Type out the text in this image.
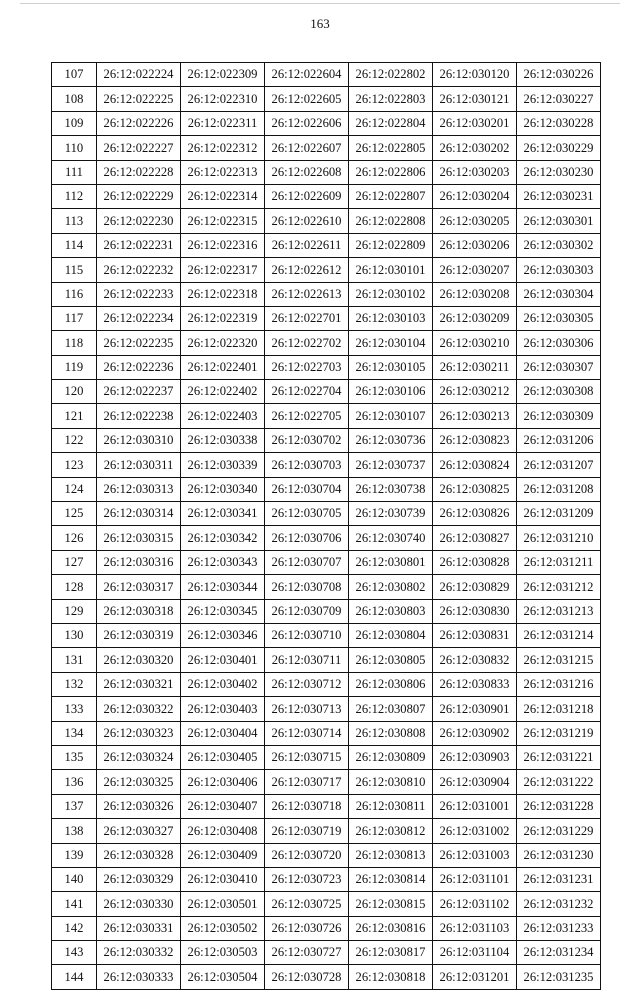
163
107	26:12:022224	26:12:022309	26:12:022604	26:12:022802	26:12:030120	26:12:030226
108	26:12:022225	26:12:022310	26:12:022605	26:12:022803	26:12:030121	26:12:030227
109	26:12:022226	26:12:022311	26:12:022606	26:12:022804	26:12:030201	26:12:030228
110	26:12:022227	26:12:022312	26:12:022607	26:12:022805	26:12:030202	26:12:030229
111	26:12:022228	26:12:022313	26:12:022608	26:12:022806	26:12:030203	26:12:030230
112	26:12:022229	26:12:022314	26:12:022609	26:12:022807	26:12:030204	26:12:030231
113	26:12:022230	26:12:022315	26:12:022610	26:12:022808	26:12:030205	26:12:030301
114	26:12:022231	26:12:022316	26:12:022611	26:12:022809	26:12:030206	26:12:030302
115	26:12:022232	26:12:022317	26:12:022612	26:12:030101	26:12:030207	26:12:030303
116	26:12:022233	26:12:022318	26:12:022613	26:12:030102	26:12:030208	26:12:030304
117	26:12:022234	26:12:022319	26:12:022701	26:12:030103	26:12:030209	26:12:030305
118	26:12:022235	26:12:022320	26:12:022702	26:12:030104	26:12:030210	26:12:030306
119	26:12:022236	26:12:022401	26:12:022703	26:12:030105	26:12:030211	26:12:030307
120	26:12:022237	26:12:022402	26:12:022704	26:12:030106	26:12:030212	26:12:030308
121	26:12:022238	26:12:022403	26:12:022705	26:12:030107	26:12:030213	26:12:030309
122	26:12:030310	26:12:030338	26:12:030702	26:12:030736	26:12:030823	26:12:031206
123	26:12:030311	26:12:030339	26:12:030703	26:12:030737	26:12:030824	26:12:031207
124	26:12:030313	26:12:030340	26:12:030704	26:12:030738	26:12:030825	26:12:031208
125	26:12:030314	26:12:030341	26:12:030705	26:12:030739	26:12:030826	26:12:031209
126	26:12:030315	26:12:030342	26:12:030706	26:12:030740	26:12:030827	26:12:031210
127	26:12:030316	26:12:030343	26:12:030707	26:12:030801	26:12:030828	26:12:031211
128	26:12:030317	26:12:030344	26:12:030708	26:12:030802	26:12:030829	26:12:031212
129	26:12:030318	26:12:030345	26:12:030709	26:12:030803	26:12:030830	26:12:031213
130	26:12:030319	26:12:030346	26:12:030710	26:12:030804	26:12:030831	26:12:031214
131	26:12:030320	26:12:030401	26:12:030711	26:12:030805	26:12:030832	26:12:031215
132	26:12:030321	26:12:030402	26:12:030712	26:12:030806	26:12:030833	26:12:031216
133	26:12:030322	26:12:030403	26:12:030713	26:12:030807	26:12:030901	26:12:031218
134	26:12:030323	26:12:030404	26:12:030714	26:12:030808	26:12:030902	26:12:031219
135	26:12:030324	26:12:030405	26:12:030715	26:12:030809	26:12:030903	26:12:031221
136	26:12:030325	26:12:030406	26:12:030717	26:12:030810	26:12:030904	26:12:031222
137	26:12:030326	26:12:030407	26:12:030718	26:12:030811	26:12:031001	26:12:031228
138	26:12:030327	26:12:030408	26:12:030719	26:12:030812	26:12:031002	26:12:031229
139	26:12:030328	26:12:030409	26:12:030720	26:12:030813	26:12:031003	26:12:031230
140	26:12:030329	26:12:030410	26:12:030723	26:12:030814	26:12:031101	26:12:031231
141	26:12:030330	26:12:030501	26:12:030725	26:12:030815	26:12:031102	26:12:031232
142	26:12:030331	26:12:030502	26:12:030726	26:12:030816	26:12:031103	26:12:031233
143	26:12:030332	26:12:030503	26:12:030727	26:12:030817	26:12:031104	26:12:031234
144	26:12:030333	26:12:030504	26:12:030728	26:12:030818	26:12:031201	26:12:031235
